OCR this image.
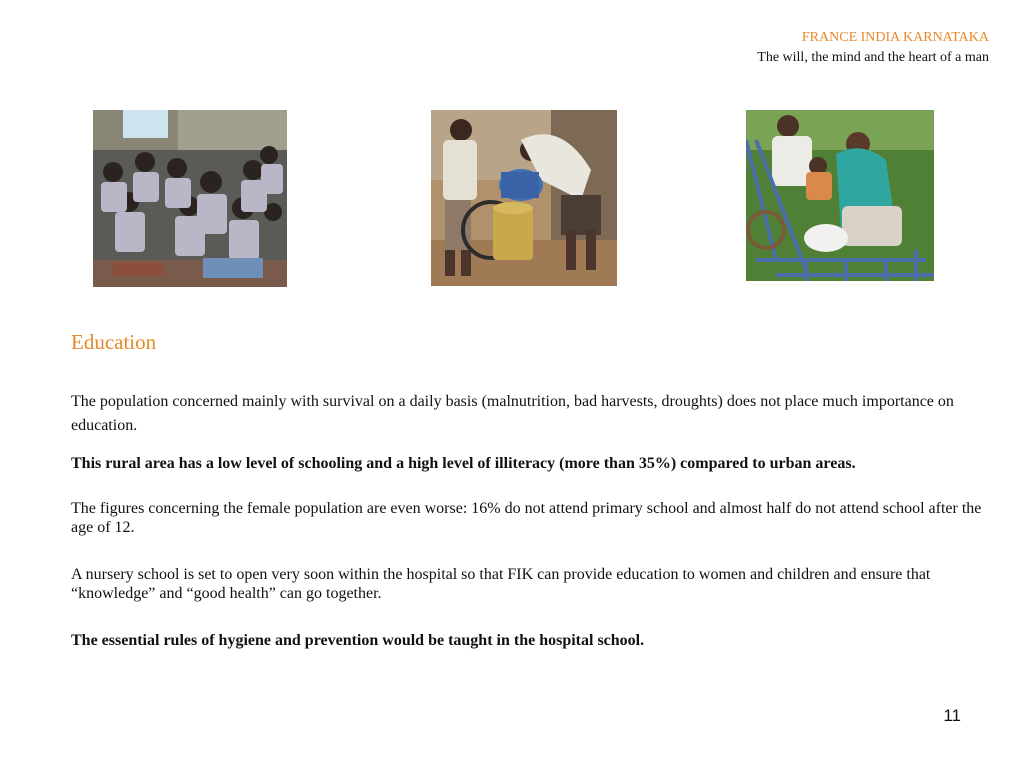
FRANCE INDIA KARNATAKA
The will, the mind and the heart of a man
Education

The population concerned mainly with survival on a daily basis (malnutrition, bad harvests, droughts) does not place much importance on education.

This rural area has a low level of schooling and a high level of illiteracy (more than 35%) compared to urban areas.

The figures concerning the female population are even worse: 16% do not attend primary school and almost half do not attend school after the age of 12.

A nursery school is set to open very soon within the hospital so that FIK can provide education to women and children and ensure that “knowledge” and “good health” can go together.

The essential rules of hygiene and prevention would be taught in the hospital school.

11
